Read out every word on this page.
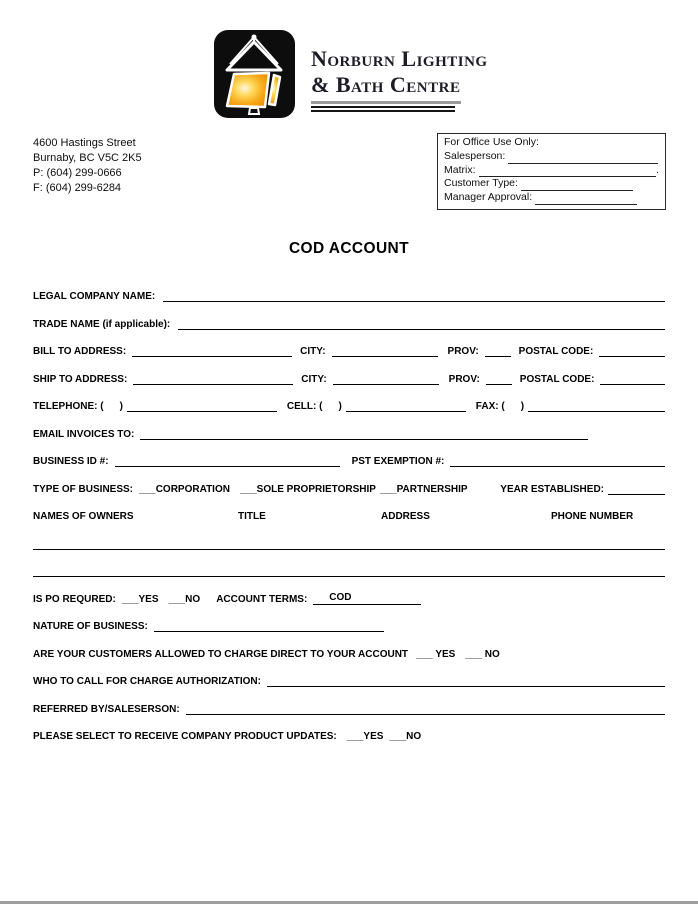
Norburn Lighting
& Bath Centre
4600 Hastings Street
Burnaby, BC V5C 2K5
P: (604) 299-0666
F: (604) 299-6284
For Office Use Only:
Salesperson:
Matrix:	.
Customer Type:
Manager Approval:
COD ACCOUNT
LEGAL COMPANY NAME:
TRADE NAME (if applicable):
BILL TO ADDRESS:	CITY:	PROV:	POSTAL CODE:
SHIP TO ADDRESS:	CITY:	PROV:	POSTAL CODE:
TELEPHONE: ( )	CELL: ( )	FAX: ( )
EMAIL INVOICES TO:
BUSINESS ID #:	PST EXEMPTION #:
TYPE OF BUSINESS: ___CORPORATION ___SOLE PROPRIETORSHIP ___PARTNERSHIP	YEAR ESTABLISHED:
NAMES OF OWNERS	TITLE	ADDRESS	PHONE NUMBER
IS PO REQURED: ___YES ___NO ACCOUNT TERMS:	COD
NATURE OF BUSINESS:
ARE YOUR CUSTOMERS ALLOWED TO CHARGE DIRECT TO YOUR ACCOUNT ___ YES ___ NO
WHO TO CALL FOR CHARGE AUTHORIZATION:
REFERRED BY/SALESERSON:
PLEASE SELECT TO RECEIVE COMPANY PRODUCT UPDATES: ___YES ___NO
